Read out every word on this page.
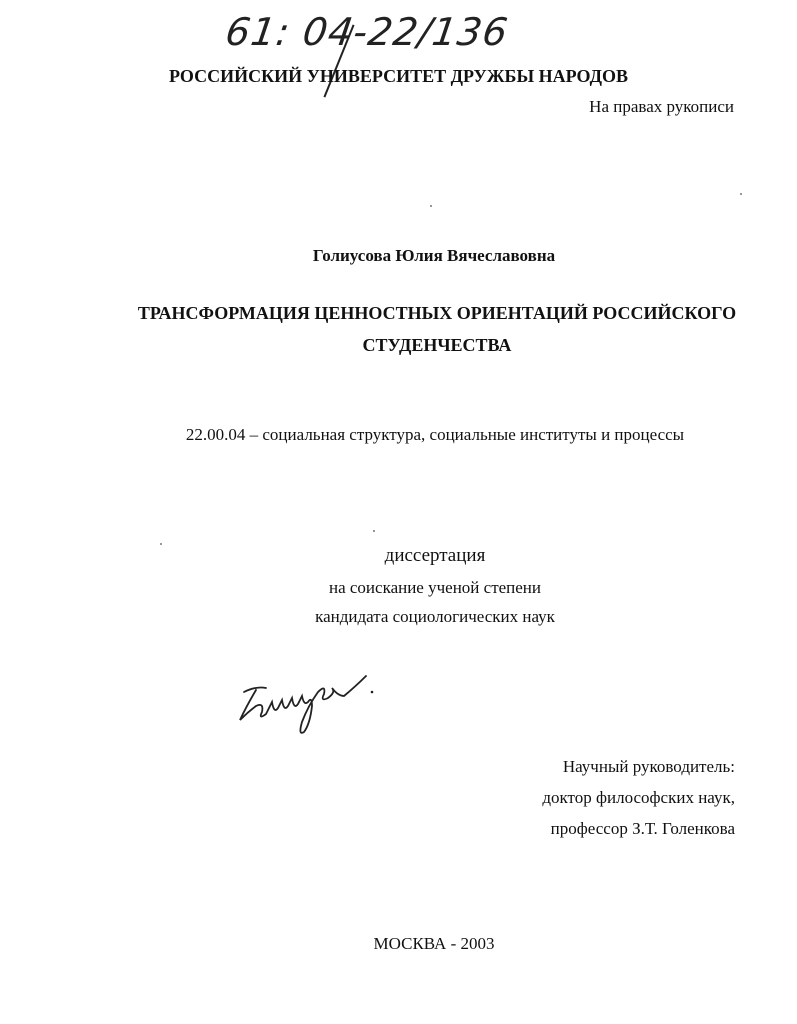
61: 04-22/136
РОССИЙСКИЙ УНИВЕРСИТЕТ ДРУЖБЫ НАРОДОВ
На правах рукописи
Голиусова Юлия Вячеславовна
ТРАНСФОРМАЦИЯ ЦЕННОСТНЫХ ОРИЕНТАЦИЙ РОССИЙСКОГО
СТУДЕНЧЕСТВА
22.00.04 – социальная структура, социальные институты и процессы
диссертация
на соискание ученой степени
кандидата социологических наук
Научный руководитель:
доктор философских наук,
профессор З.Т. Голенкова
МОСКВА - 2003
